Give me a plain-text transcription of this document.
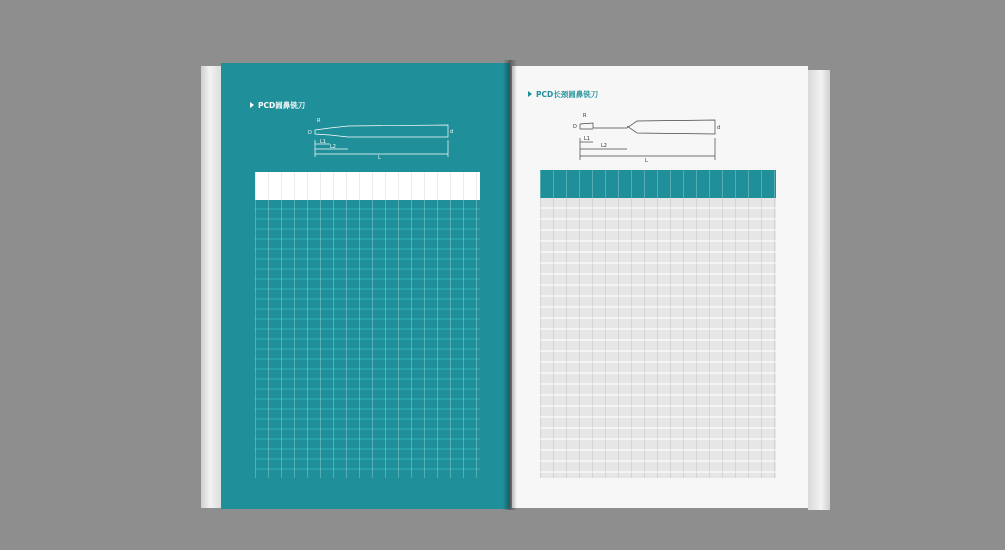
PCD圆鼻铣刀
R
D
L1
L2
L
d
PCD长颈圆鼻铣刀
R
D
L1
L2
L
d
